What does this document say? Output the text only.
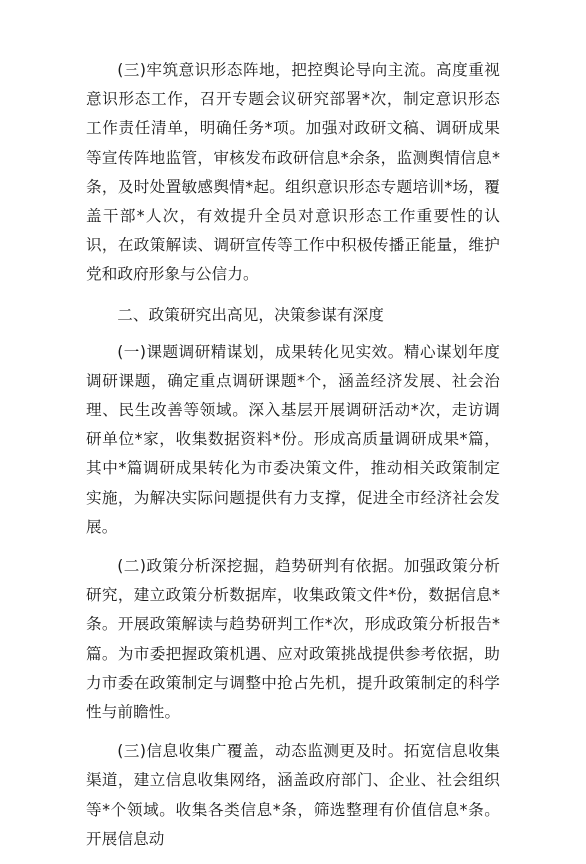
(三)牢筑意识形态阵地，把控舆论导向主流。高度重视意识形态工作，召开专题会议研究部署*次，制定意识形态工作责任清单，明确任务*项。加强对政研文稿、调研成果等宣传阵地监管，审核发布政研信息*余条，监测舆情信息*条，及时处置敏感舆情*起。组织意识形态专题培训*场，覆盖干部*人次，有效提升全员对意识形态工作重要性的认识，在政策解读、调研宣传等工作中积极传播正能量，维护党和政府形象与公信力。

二、政策研究出高见，决策参谋有深度

(一)课题调研精谋划，成果转化见实效。精心谋划年度调研课题，确定重点调研课题*个，涵盖经济发展、社会治理、民生改善等领域。深入基层开展调研活动*次，走访调研单位*家，收集数据资料*份。形成高质量调研成果*篇，其中*篇调研成果转化为市委决策文件，推动相关政策制定实施，为解决实际问题提供有力支撑，促进全市经济社会发展。

(二)政策分析深挖掘，趋势研判有依据。加强政策分析研究，建立政策分析数据库，收集政策文件*份，数据信息*条。开展政策解读与趋势研判工作*次，形成政策分析报告*篇。为市委把握政策机遇、应对政策挑战提供参考依据，助力市委在政策制定与调整中抢占先机，提升政策制定的科学性与前瞻性。

(三)信息收集广覆盖，动态监测更及时。拓宽信息收集渠道，建立信息收集网络，涵盖政府部门、企业、社会组织等*个领域。收集各类信息*条，筛选整理有价值信息*条。开展信息动
